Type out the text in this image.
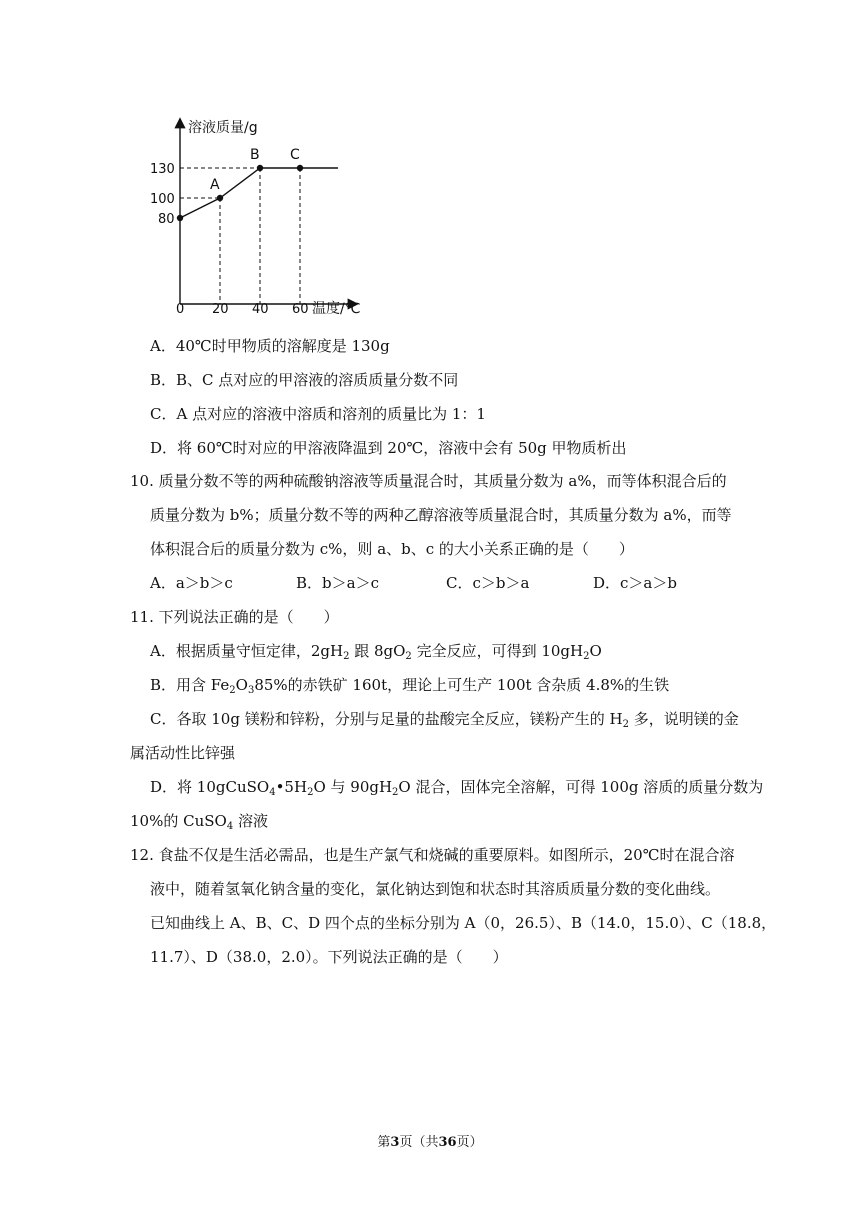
溶液质量/g
温度/℃
A
B C
0 20 40 60
80
100
130
A．40℃时甲物质的溶解度是 130g
B．B、C 点对应的甲溶液的溶质质量分数不同
C．A 点对应的溶液中溶质和溶剂的质量比为 1：1
D．将 60℃时对应的甲溶液降温到 20℃，溶液中会有 50g 甲物质析出
10. 质量分数不等的两种硫酸钠溶液等质量混合时，其质量分数为 a%，而等体积混合后的
质量分数为 b%；质量分数不等的两种乙醇溶液等质量混合时，其质量分数为 a%，而等
体积混合后的质量分数为 c%，则 a、b、c 的大小关系正确的是（　　）
A．a＞b＞c	B．b＞a＞c	C．c＞b＞a	D．c＞a＞b
11. 下列说法正确的是（　　）
A．根据质量守恒定律，$2gH_2$ 跟 $8gO_2$ 完全反应，可得到 $10gH_2O$
B．用含 $Fe_2O_385\%$的赤铁矿 160t，理论上可生产 100t 含杂质 4.8%的生铁
C．各取 10g 镁粉和锌粉，分别与足量的盐酸完全反应，镁粉产生的 $H_2$ 多，说明镁的金
属活动性比锌强
D．将 $10gCuSO_4•5H_2O$ 与 $90gH_2O$ 混合，固体完全溶解，可得 100g 溶质的质量分数为
10%的 CuSO$_4$ 溶液
12. 食盐不仅是生活必需品，也是生产氯气和烧碱的重要原料。如图所示，20℃时在混合溶
液中，随着氢氧化钠含量的变化，氯化钠达到饱和状态时其溶质质量分数的变化曲线。
已知曲线上 A、B、C、D 四个点的坐标分别为 A（0，26.5）、B（14.0，15.0）、C（18.8，
11.7）、D（38.0，2.0）。下列说法正确的是（　　）
第3页（共36页）
